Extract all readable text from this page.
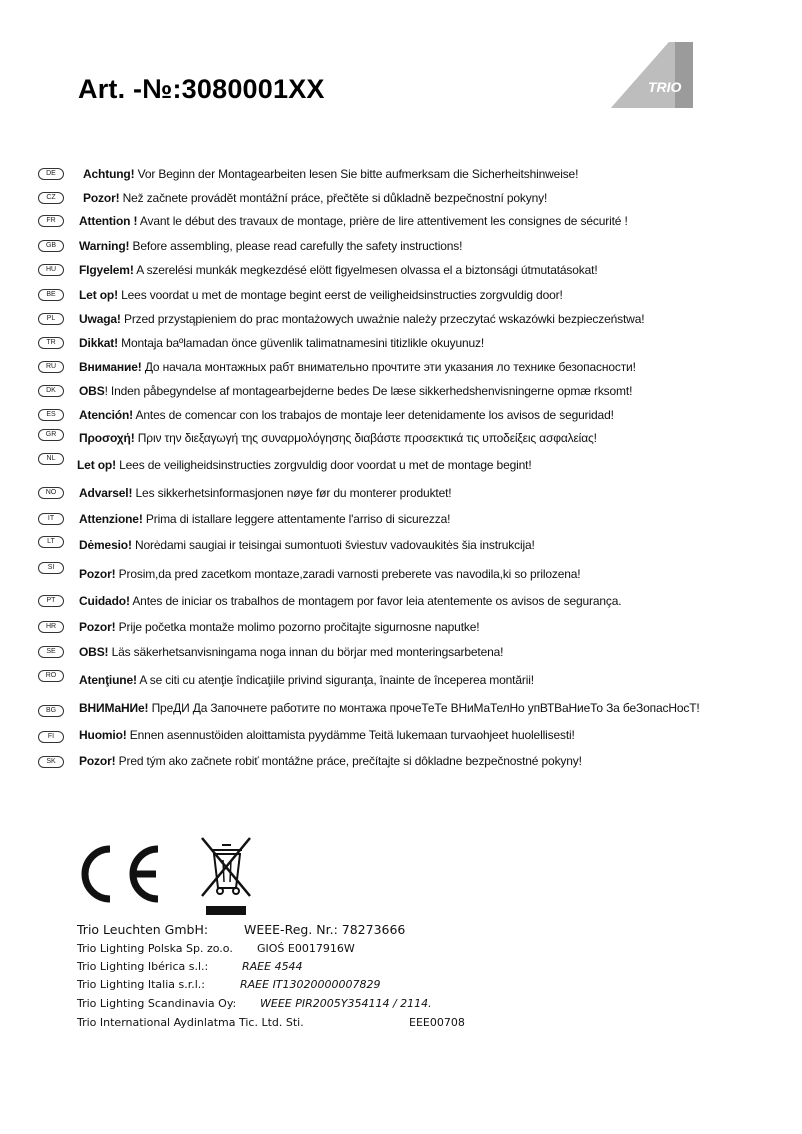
Art. -№:3080001XX	TRIO
DE	Achtung! Vor Beginn der Montagearbeiten lesen Sie bitte aufmerksam die Sicherheitshinweise!
CZ	Pozor! Než začnete provádět montážní práce, přečtěte si důkladně bezpečnostní pokyny!
FR	Attention ! Avant le début des travaux de montage, prière de lire attentivement les consignes de sécurité !
GB	Warning! Before assembling, please read carefully the safety instructions!
HU	FIgyelem! A szerelési munkák megkezdésé elött figyelmesen olvassa el a biztonsági útmutatásokat!
BE	Let op! Lees voordat u met de montage begint eerst de veiligheidsinstructies zorgvuldig door!
PL	Uwaga! Przed przystąpieniem do prac montażowych uważnie należy przeczytać wskazówki bezpieczeństwa!
TR	Dikkat! Montaja baºlamadan önce güvenlik talimatnamesini titizlikle okuyunuz!
RU	Внимание! До начала монтажных рабт внимательно прочтите эти указания ло технике безопасности!
DK	OBS! Inden påbegyndelse af montagearbejderne bedes De læse sikkerhedshenvisningerne opmæ rksomt!
ES	Atención! Antes de comencar con los trabajos de montaje leer detenidamente los avisos de seguridad!
GR	Προσοχή! Πριν την διεξαγωγή της συναρμολόγησης διαβάστε προσεκτικά τις υποδείξεις ασφαλείας!
NL	Let op! Lees de veiligheidsinstructies zorgvuldig door voordat u met de montage begint!
NO	Advarsel! Les sikkerhetsinformasjonen nøye før du monterer produktet!
IT	Attenzione! Prima di istallare leggere attentamente l'arriso di sicurezza!
LT	Dėmesio! Norėdami saugiai ir teisingai sumontuoti šviestuv vadovaukitės šia instrukcija!
SI	Pozor! Prosim,da pred zacetkom montaze,zaradi varnosti preberete vas navodila,ki so prilozena!
PT	Cuidado! Antes de iniciar os trabalhos de montagem por favor leia atentemente os avisos de segurança.
HR	Pozor! Prije početka montaže molimo pozorno pročitajte sigurnosne naputke!
SE	OBS! Läs säkerhetsanvisningama noga innan du börjar med monteringsarbetena!
RO	Atenţiune! A se citi cu atenţie îndicaţiile privind siguranţa, înainte de începerea montării!
BG	ВНИМаНИе! ПреДИ Да Започнете работите по монтажа прочеТеТе ВНиМаТелНо упВТВаНиеТо За беЗопасНосТ!
FI	Huomio! Ennen asennustöiden aloittamista pyydämme Teitä lukemaan turvaohjeet huolellisesti!
SK	Pozor! Pred tým ako začnete robiť montážne práce, prečítajte si dôkladne bezpečnostné pokyny!
Trio Leuchten GmbH:	WEEE-Reg. Nr.: 78273666
Trio Lighting Polska Sp. zo.o. GIOŚ E0017916W
Trio Lighting Ibérica s.l.:	RAEE 4544
Trio Lighting Italia s.r.l.:	RAEE IT13020000007829
Trio Lighting Scandinavia Oy: WEEE PIR2005Y354114 / 2114.
Trio International Aydinlatma Tic. Ltd. Sti.	EEE00708
